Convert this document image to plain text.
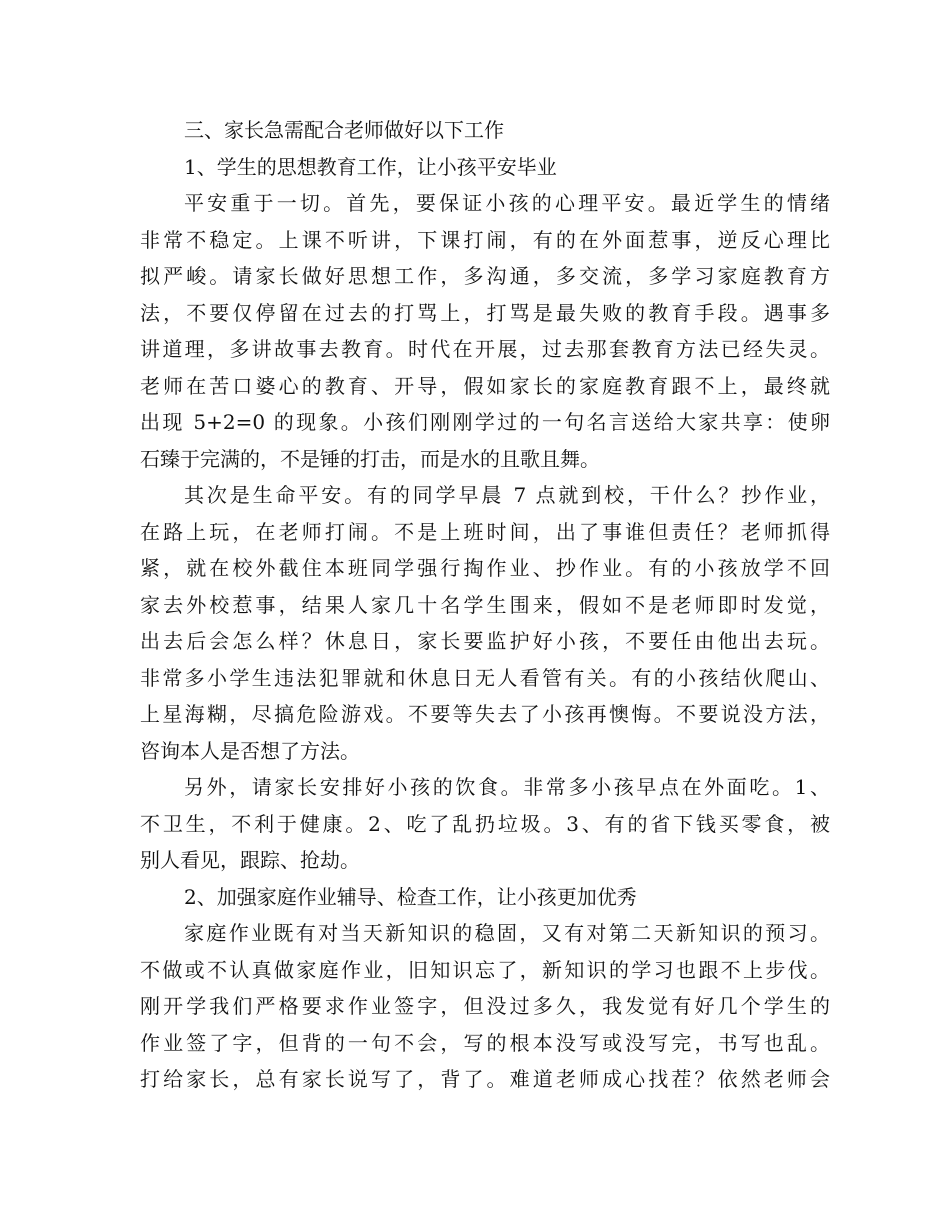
三、家长急需配合老师做好以下工作
1、学生的思想教育工作，让小孩平安毕业
平安重于一切。首先，要保证小孩的心理平安。最近学生的情绪
非常不稳定。上课不听讲，下课打闹，有的在外面惹事，逆反心理比
拟严峻。请家长做好思想工作，多沟通，多交流，多学习家庭教育方
法，不要仅停留在过去的打骂上，打骂是最失败的教育手段。遇事多
讲道理，多讲故事去教育。时代在开展，过去那套教育方法已经失灵。
老师在苦口婆心的教育、开导，假如家长的家庭教育跟不上，最终就
出现 5+2=0 的现象。小孩们刚刚学过的一句名言送给大家共享：使卵
石臻于完满的，不是锤的打击，而是水的且歌且舞。
其次是生命平安。有的同学早晨 7 点就到校，干什么？抄作业，
在路上玩，在老师打闹。不是上班时间，出了事谁但责任？老师抓得
紧，就在校外截住本班同学强行掏作业、抄作业。有的小孩放学不回
家去外校惹事，结果人家几十名学生围来，假如不是老师即时发觉，
出去后会怎么样？休息日，家长要监护好小孩，不要任由他出去玩。
非常多小学生违法犯罪就和休息日无人看管有关。有的小孩结伙爬山、
上星海糊，尽搞危险游戏。不要等失去了小孩再懊悔。不要说没方法，
咨询本人是否想了方法。
另外，请家长安排好小孩的饮食。非常多小孩早点在外面吃。1、
不卫生，不利于健康。2、吃了乱扔垃圾。3、有的省下钱买零食，被
别人看见，跟踪、抢劫。
2、加强家庭作业辅导、检查工作，让小孩更加优秀
家庭作业既有对当天新知识的稳固，又有对第二天新知识的预习。
不做或不认真做家庭作业，旧知识忘了，新知识的学习也跟不上步伐。
刚开学我们严格要求作业签字，但没过多久，我发觉有好几个学生的
作业签了字，但背的一句不会，写的根本没写或没写完，书写也乱。
打给家长，总有家长说写了，背了。难道老师成心找茬？依然老师会
